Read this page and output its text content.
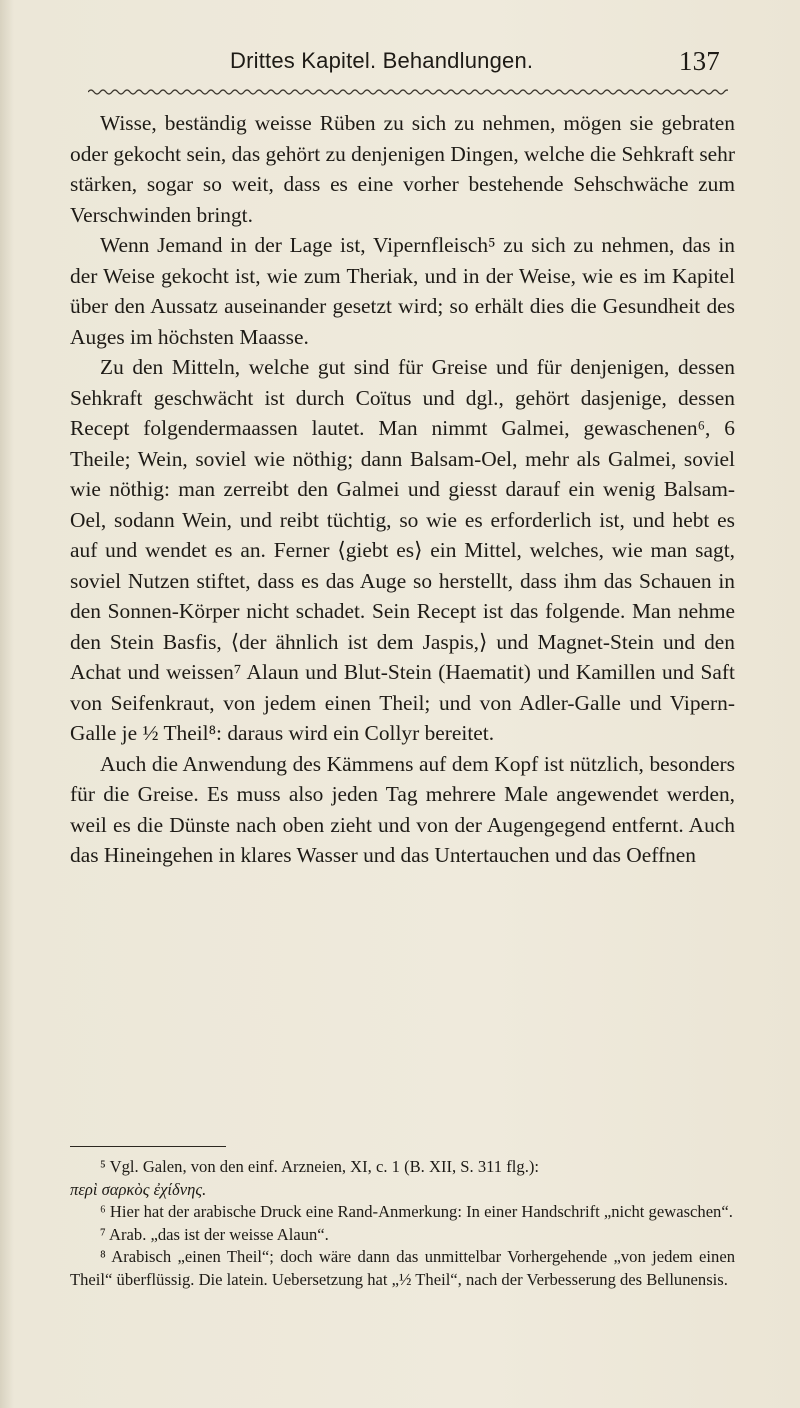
Drittes Kapitel. Behandlungen.	137

Wisse, beständig weisse Rüben zu sich zu nehmen, mögen sie gebraten oder gekocht sein, das gehört zu denjenigen Dingen, welche die Sehkraft sehr stärken, sogar so weit, dass es eine vorher bestehende Sehschwäche zum Verschwinden bringt.

Wenn Jemand in der Lage ist, Vipernfleisch⁵ zu sich zu nehmen, das in der Weise gekocht ist, wie zum Theriak, und in der Weise, wie es im Kapitel über den Aussatz auseinander gesetzt wird; so erhält dies die Gesundheit des Auges im höchsten Maasse.

Zu den Mitteln, welche gut sind für Greise und für denjenigen, dessen Sehkraft geschwächt ist durch Coïtus und dgl., gehört dasjenige, dessen Recept folgendermaassen lautet. Man nimmt Galmei, gewaschenen⁶, 6 Theile; Wein, soviel wie nöthig; dann Balsam-Oel, mehr als Galmei, soviel wie nöthig: man zerreibt den Galmei und giesst darauf ein wenig Balsam-Oel, sodann Wein, und reibt tüchtig, so wie es erforderlich ist, und hebt es auf und wendet es an. Ferner ⟨giebt es⟩ ein Mittel, welches, wie man sagt, soviel Nutzen stiftet, dass es das Auge so herstellt, dass ihm das Schauen in den Sonnen-Körper nicht schadet. Sein Recept ist das folgende. Man nehme den Stein Basfis, ⟨der ähnlich ist dem Jaspis,⟩ und Magnet-Stein und den Achat und weissen⁷ Alaun und Blut-Stein (Haematit) und Kamillen und Saft von Seifenkraut, von jedem einen Theil; und von Adler-Galle und Vipern-Galle je ½ Theil⁸: daraus wird ein Collyr bereitet.

Auch die Anwendung des Kämmens auf dem Kopf ist nützlich, besonders für die Greise. Es muss also jeden Tag mehrere Male angewendet werden, weil es die Dünste nach oben zieht und von der Augengegend entfernt. Auch das Hineingehen in klares Wasser und das Untertauchen und das Oeffnen

⁵ Vgl. Galen, von den einf. Arzneien, XI, c. 1 (B. XII, S. 311 flg.):

περὶ σαρκὸς ἐχίδνης.

⁶ Hier hat der arabische Druck eine Rand-Anmerkung: In einer Handschrift „nicht gewaschen“.

⁷ Arab. „das ist der weisse Alaun“.

⁸ Arabisch „einen Theil“; doch wäre dann das unmittelbar Vorhergehende „von jedem einen Theil“ überflüssig. Die latein. Uebersetzung hat „½ Theil“, nach der Verbesserung des Bellunensis.
